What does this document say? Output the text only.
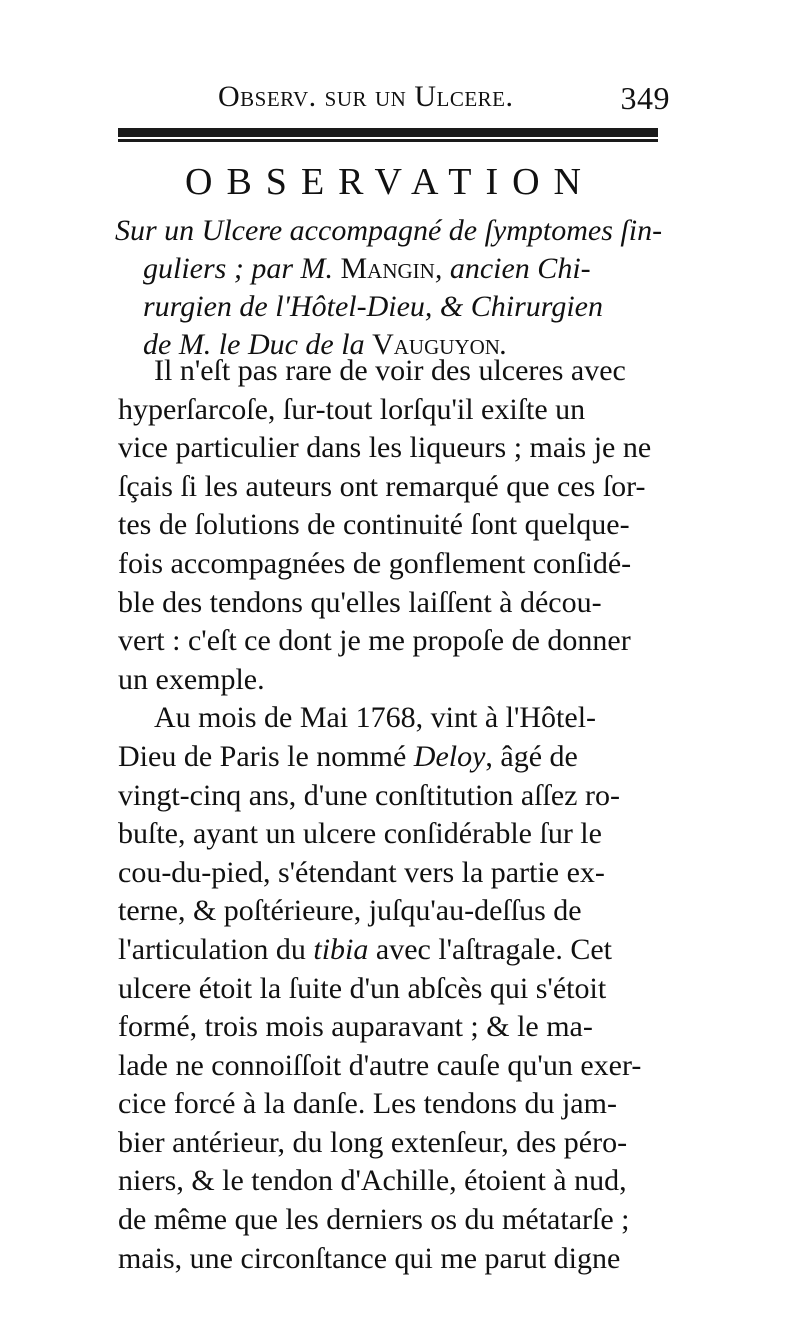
Observ. sur un Ulcere.	349
OBSERVATION
Sur un Ulcere accompagné de ſymptomes ſin-
guliers ; par M. Mangin, ancien Chi-
rurgien de l'Hôtel-Dieu, & Chirurgien
de M. le Duc de la Vauguyon.
Il n'eſt pas rare de voir des ulceres avec
hyperſarcoſe, ſur-tout lorſqu'il exiſte un
vice particulier dans les liqueurs ; mais je ne
ſçais ſi les auteurs ont remarqué que ces ſor-
tes de ſolutions de continuité ſont quelque-
fois accompagnées de gonflement conſidé-
ble des tendons qu'elles laiſſent à décou-
vert : c'eſt ce dont je me propoſe de donner
un exemple.
Au mois de Mai 1768, vint à l'Hôtel-
Dieu de Paris le nommé Deloy, âgé de
vingt-cinq ans, d'une conſtitution aſſez ro-
buſte, ayant un ulcere conſidérable ſur le
cou-du-pied, s'étendant vers la partie ex-
terne, & poſtérieure, juſqu'au-deſſus de
l'articulation du tibia avec l'aſtragale. Cet
ulcere étoit la ſuite d'un abſcès qui s'étoit
formé, trois mois auparavant ; & le ma-
lade ne connoiſſoit d'autre cauſe qu'un exer-
cice forcé à la danſe. Les tendons du jam-
bier antérieur, du long extenſeur, des péro-
niers, & le tendon d'Achille, étoient à nud,
de même que les derniers os du métatarſe ;
mais, une circonſtance qui me parut digne
